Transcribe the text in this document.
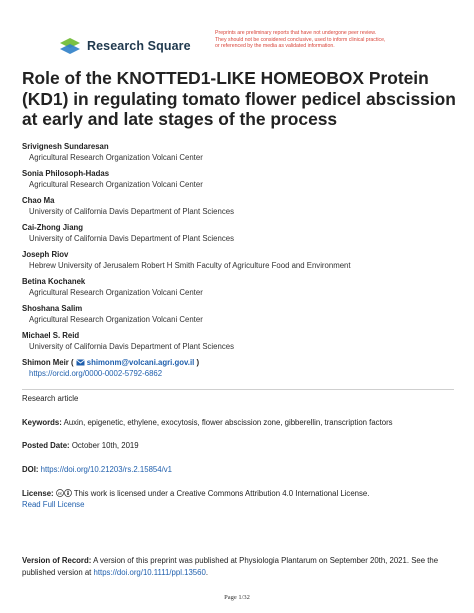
Research Square
Preprints are preliminary reports that have not undergone peer review.
They should not be considered conclusive, used to inform clinical practice,
or referenced by the media as validated information.
Role of the KNOTTED1-LIKE HOMEOBOX Protein (KD1) in regulating tomato flower pedicel abscission at early and late stages of the process
Srivignesh Sundaresan
Agricultural Research Organization Volcani Center
Sonia Philosoph-Hadas
Agricultural Research Organization Volcani Center
Chao Ma
University of California Davis Department of Plant Sciences
Cai-Zhong Jiang
University of California Davis Department of Plant Sciences
Joseph Riov
Hebrew University of Jerusalem Robert H Smith Faculty of Agriculture Food and Environment
Betina Kochanek
Agricultural Research Organization Volcani Center
Shoshana Salim
Agricultural Research Organization Volcani Center
Michael S. Reid
University of California Davis Department of Plant Sciences
Shimon Meir ( shimonm@volcani.agri.gov.il )
https://orcid.org/0000-0002-5792-6862
Research article
Keywords: Auxin, epigenetic, ethylene, exocytosis, flower abscission zone, gibberellin, transcription factors
Posted Date: October 10th, 2019
DOI: https://doi.org/10.21203/rs.2.15854/v1
License: cc This work is licensed under a Creative Commons Attribution 4.0 International License.
Read Full License
Version of Record: A version of this preprint was published at Physiologia Plantarum on September 20th, 2021. See the published version at https://doi.org/10.1111/ppl.13560.
Page 1/32
